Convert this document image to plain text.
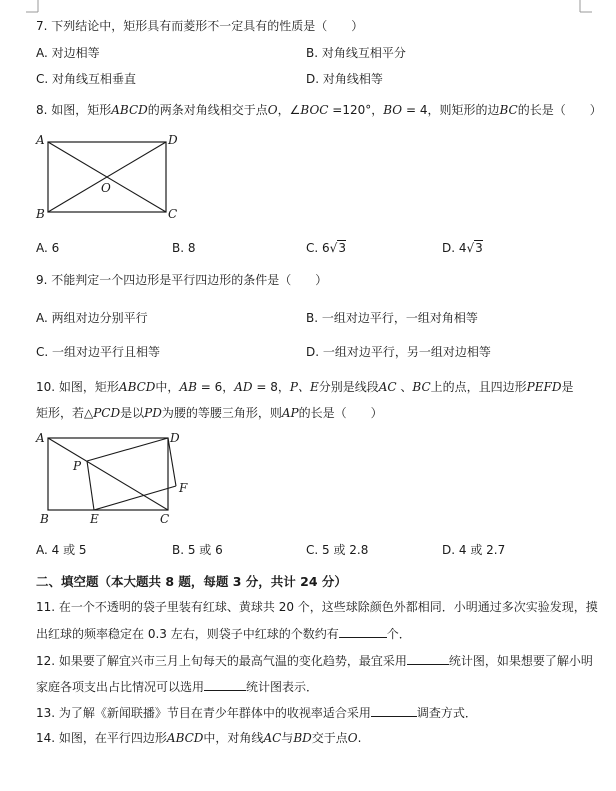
7. 下列结论中，矩形具有而菱形不一定具有的性质是（　　）
A. 对边相等	B. 对角线互相平分
C. 对角线互相垂直	D. 对角线相等
8. 如图，矩形ABCD的两条对角线相交于点O，∠BOC =120°，BO = 4，则矩形的边BC的长是（　　）
A	D
B	C
O
A. 6	B. 8	C. 6√3	D. 4√3
9. 不能判定一个四边形是平行四边形的条件是（　　）
A. 两组对边分别平行	B. 一组对边平行，一组对角相等
C. 一组对边平行且相等	D. 一组对边平行，另一组对边相等
10. 如图，矩形ABCD中，AB = 6，AD = 8，P、E分别是线段AC 、BC上的点，且四边形PEFD是
矩形，若△PCD是以PD为腰的等腰三角形，则AP的长是（　　）
A	D
B	C
E
F
P
A. 4 或 5	B. 5 或 6	C. 5 或 2.8	D. 4 或 2.7
二、填空题（本大题共 8 题，每题 3 分，共计 24 分）
11. 在一个不透明的袋子里装有红球、黄球共 20 个，这些球除颜色外都相同．小明通过多次实验发现，摸
出红球的频率稳定在 0.3 左右，则袋子中红球的个数约有	个．
12. 如果要了解宜兴市三月上旬每天的最高气温的变化趋势，最宜采用	统计图，如果想要了解小明
家庭各项支出占比情况可以选用	统计图表示．
13. 为了解《新闻联播》节目在青少年群体中的收视率适合采用	调查方式．
14. 如图，在平行四边形ABCD中，对角线AC与BD交于点O.
